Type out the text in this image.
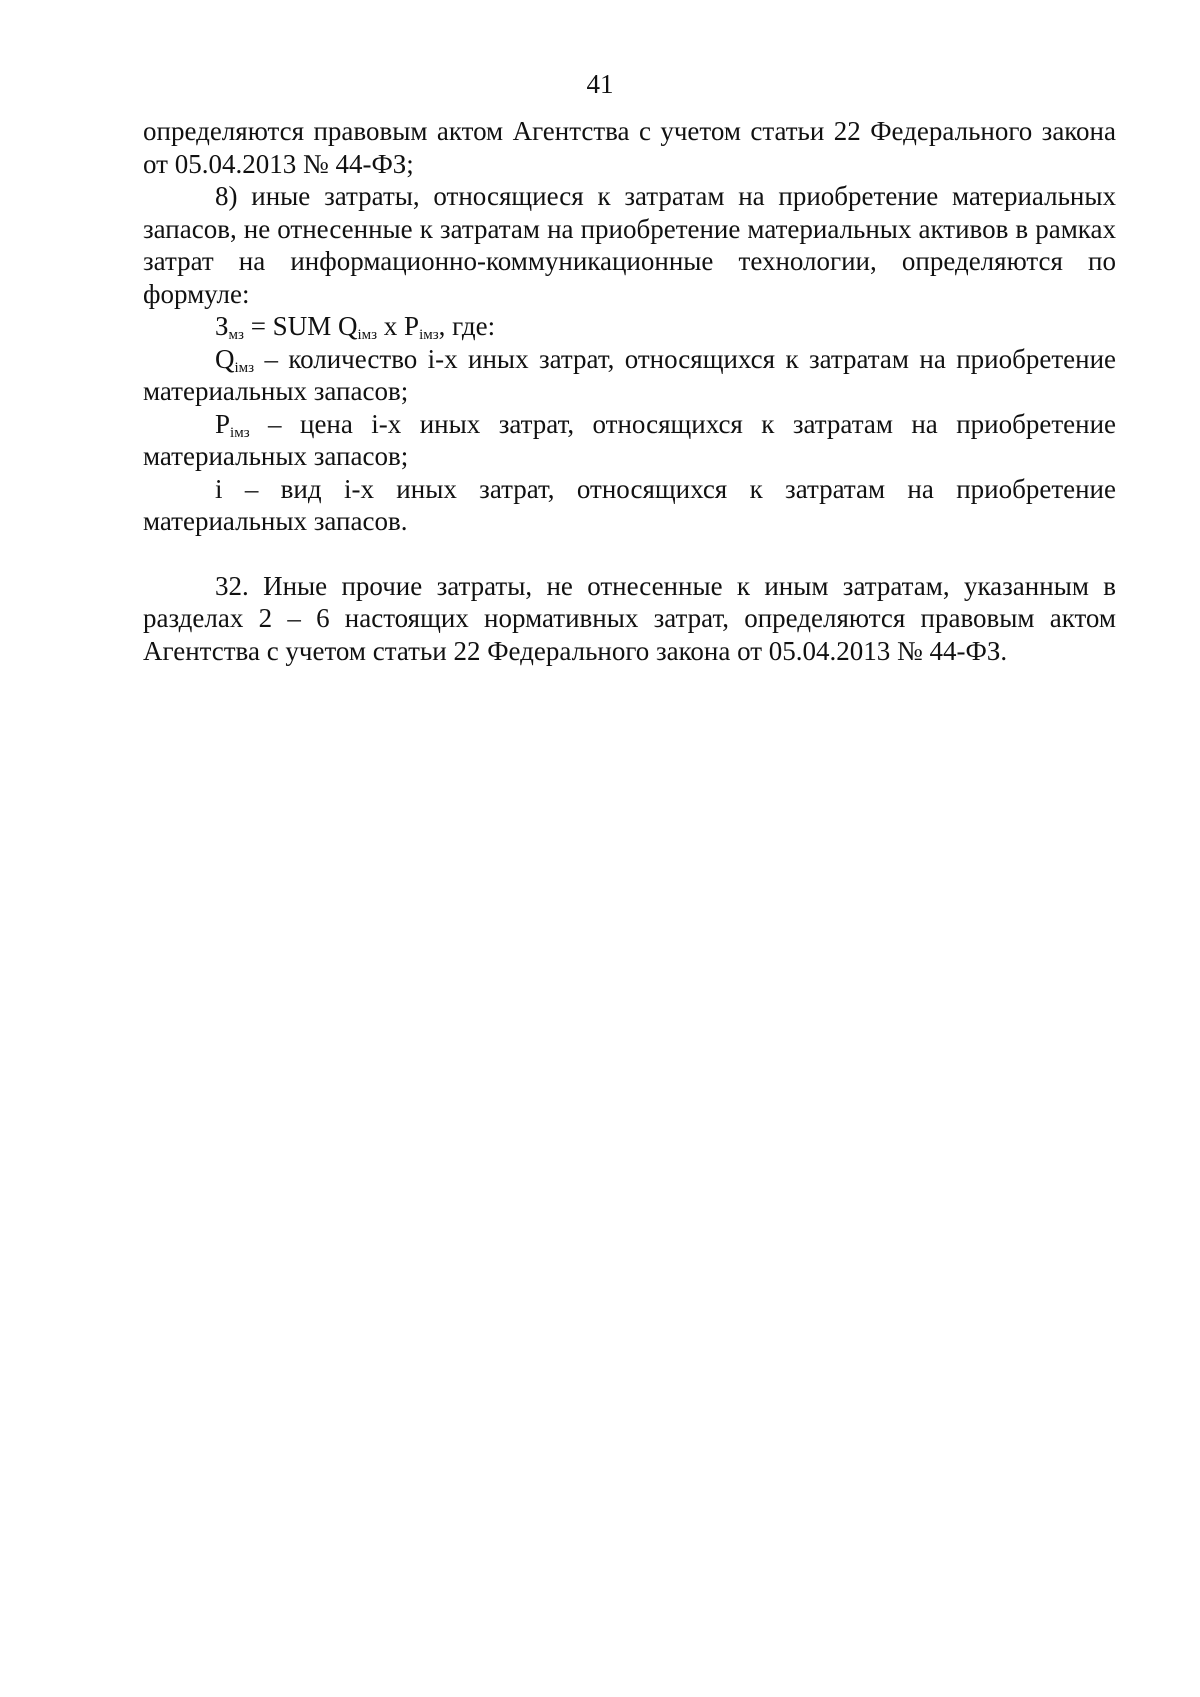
41

определяются правовым актом Агентства с учетом статьи 22 Федерального закона от 05.04.2013 № 44-ФЗ;

8) иные затраты, относящиеся к затратам на приобретение материальных запасов, не отнесенные к затратам на приобретение материальных активов в рамках затрат на информационно-коммуникационные технологии, определяются по формуле:

$З_{мз}$ = SUM $Q_{iмз}$ x $P_{iмз}$, где:

$Q_{iмз}$ – количество i-х иных затрат, относящихся к затратам на приобретение материальных запасов;

$P_{iмз}$ – цена i-х иных затрат, относящихся к затратам на приобретение материальных запасов;

i – вид i-х иных затрат, относящихся к затратам на приобретение материальных запасов.

32. Иные прочие затраты, не отнесенные к иным затратам, указанным в разделах 2 – 6 настоящих нормативных затрат, определяются правовым актом Агентства с учетом статьи 22 Федерального закона от 05.04.2013 № 44-ФЗ.
